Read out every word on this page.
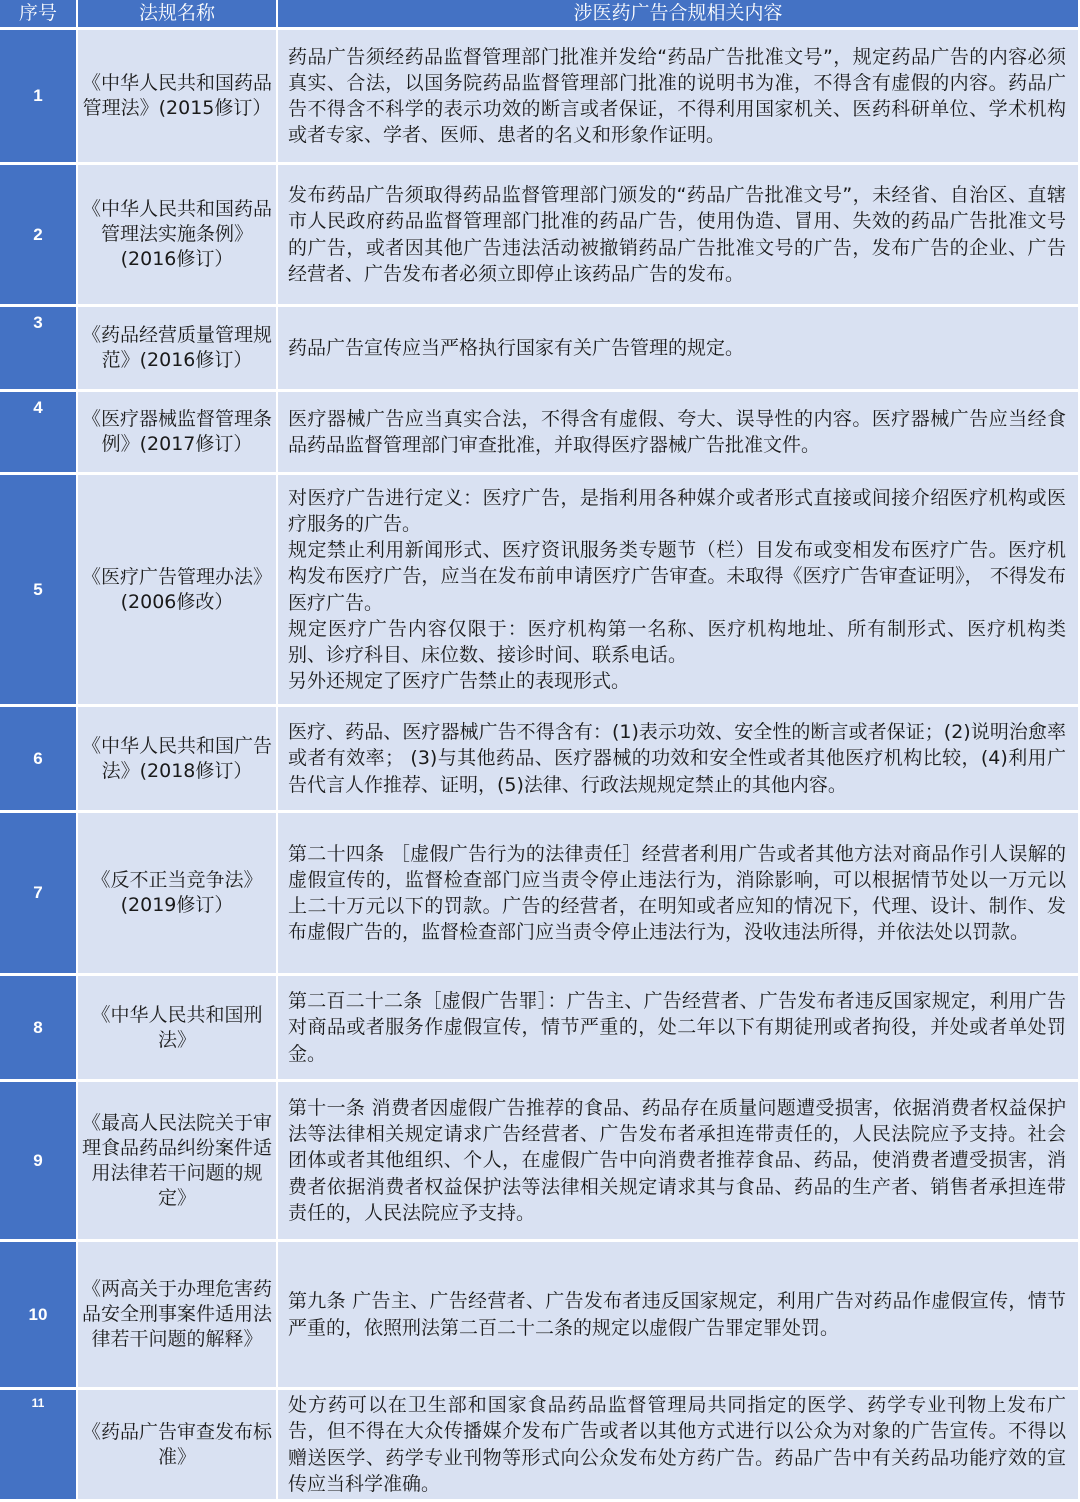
序号	法规名称	涉医药广告合规相关内容
1	《中华人民共和国药品管理法》(2015修订）	药品广告须经药品监督管理部门批准并发给“药品广告批准文号”，规定药品广告的内容必须真实、合法，以国务院药品监督管理部门批准的说明书为准，不得含有虚假的内容。药品广告不得含不科学的表示功效的断言或者保证，不得利用国家机关、医药科研单位、学术机构或者专家、学者、医师、患者的名义和形象作证明。

2	《中华人民共和国药品管理法实施条例》(2016修订）	发布药品广告须取得药品监督管理部门颁发的“药品广告批准文号”，未经省、自治区、直辖市人民政府药品监督管理部门批准的药品广告，使用伪造、冒用、失效的药品广告批准文号的广告，或者因其他广告违法活动被撤销药品广告批准文号的广告，发布广告的企业、广告经营者、广告发布者必须立即停止该药品广告的发布。

3	《药品经营质量管理规范》(2016修订）	药品广告宣传应当严格执行国家有关广告管理的规定。

4	《医疗器械监督管理条例》(2017修订）	医疗器械广告应当真实合法，不得含有虚假、夸大、误导性的内容。医疗器械广告应当经食品药品监督管理部门审查批准，并取得医疗器械广告批准文件。

5	《医疗广告管理办法》 (2006修改）	对医疗广告进行定义：医疗广告，是指利用各种媒介或者形式直接或间接介绍医疗机构或医疗服务的广告。
规定禁止利用新闻形式、医疗资讯服务类专题节（栏）目发布或变相发布医疗广告。医疗机构发布医疗广告，应当在发布前申请医疗广告审查。未取得《医疗广告审查证明》， 不得发布医疗广告。
规定医疗广告内容仅限于：医疗机构第一名称、医疗机构地址、所有制形式、医疗机构类别、诊疗科目、床位数、接诊时间、联系电话。
另外还规定了医疗广告禁止的表现形式。

6	《中华人民共和国广告法》(2018修订）	医疗、药品、医疗器械广告不得含有：(1)表示功效、安全性的断言或者保证；(2)说明治愈率或者有效率； (3)与其他药品、医疗器械的功效和安全性或者其他医疗机构比较，(4)利用广告代言人作推荐、证明，(5)法律、行政法规规定禁止的其他内容。

7	《反不正当竞争法》(2019修订）	第二十四条 ［虚假广告行为的法律责任］经营者利用广告或者其他方法对商品作引人误解的虚假宣传的，监督检查部门应当责令停止违法行为，消除影响，可以根据情节处以一万元以上二十万元以下的罚款。广告的经营者，在明知或者应知的情况下，代理、设计、制作、发布虚假广告的，监督检查部门应当责令停止违法行为，没收违法所得，并依法处以罚款。

8	《中华人民共和国刑法》	第二百二十二条［虚假广告罪］：广告主、广告经营者、广告发布者违反国家规定，利用广告对商品或者服务作虚假宣传，情节严重的，处二年以下有期徒刑或者拘役，并处或者单处罚金。

9	《最高人民法院关于审理食品药品纠纷案件适用法律若干问题的规定》	第十一条 消费者因虚假广告推荐的食品、药品存在质量问题遭受损害，依据消费者权益保护法等法律相关规定请求广告经营者、广告发布者承担连带责任的，人民法院应予支持。社会团体或者其他组织、个人，在虚假广告中向消费者推荐食品、药品，使消费者遭受损害，消费者依据消费者权益保护法等法律相关规定请求其与食品、药品的生产者、销售者承担连带责任的，人民法院应予支持。

10	《两高关于办理危害药品安全刑事案件适用法律若干问题的解释》	第九条 广告主、广告经营者、广告发布者违反国家规定，利用广告对药品作虚假宣传，情节严重的，依照刑法第二百二十二条的规定以虚假广告罪定罪处罚。

11	《药品广告审查发布标准》	处方药可以在卫生部和国家食品药品监督管理局共同指定的医学、药学专业刊物上发布广告，但不得在大众传播媒介发布广告或者以其他方式进行以公众为对象的广告宣传。不得以赠送医学、药学专业刊物等形式向公众发布处方药广告。药品广告中有关药品功能疗效的宣传应当科学准确。
